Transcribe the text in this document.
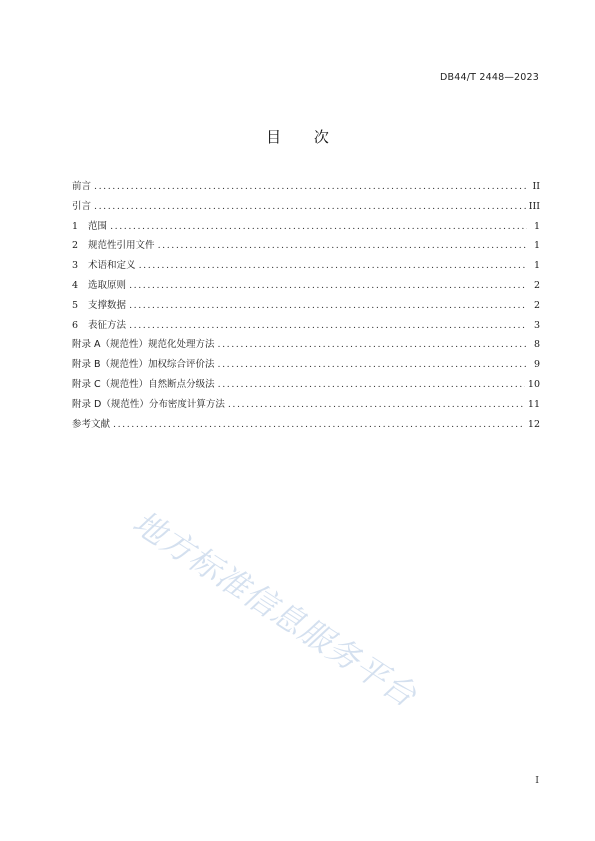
DB44/T 2448—2023
目 次
前言 .....	II
引言 .....	III
1 范围 .....	1
2 规范性引用文件 .....	1
3 术语和定义 .....	1
4 选取原则 .....	2
5 支撑数据 .....	2
6 表征方法 .....	3
附录 A（规范性）规范化处理方法 .....	8
附录 B（规范性）加权综合评价法 .....	9
附录 C（规范性）自然断点分级法 .....	10
附录 D（规范性）分布密度计算方法 .....	11
参考文献 .....	12
地方标准信息服务平台
I
